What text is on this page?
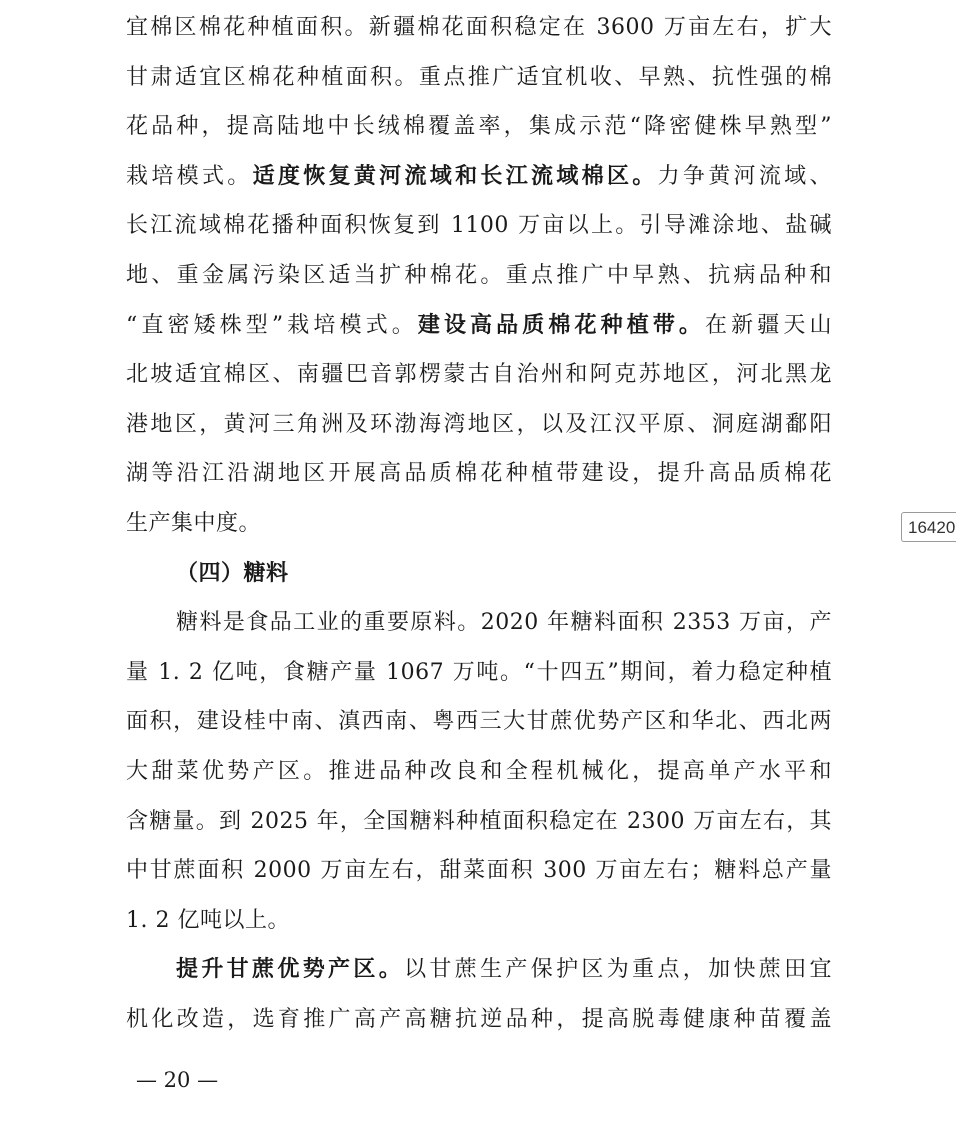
宜棉区棉花种植面积。新疆棉花面积稳定在 3600 万亩左右，扩大
甘肃适宜区棉花种植面积。重点推广适宜机收、早熟、抗性强的棉
花品种，提高陆地中长绒棉覆盖率，集成示范“降密健株早熟型”
栽培模式。适度恢复黄河流域和长江流域棉区。力争黄河流域、
长江流域棉花播种面积恢复到 1100 万亩以上。引导滩涂地、盐碱
地、重金属污染区适当扩种棉花。重点推广中早熟、抗病品种和
“直密矮株型”栽培模式。建设高品质棉花种植带。在新疆天山
北坡适宜棉区、南疆巴音郭楞蒙古自治州和阿克苏地区，河北黑龙
港地区，黄河三角洲及环渤海湾地区，以及江汉平原、洞庭湖鄱阳
湖等沿江沿湖地区开展高品质棉花种植带建设，提升高品质棉花
生产集中度。
（四）糖料
糖料是食品工业的重要原料。2020 年糖料面积 2353 万亩，产
量 1. 2 亿吨，食糖产量 1067 万吨。“十四五”期间，着力稳定种植
面积，建设桂中南、滇西南、粤西三大甘蔗优势产区和华北、西北两
大甜菜优势产区。推进品种改良和全程机械化，提高单产水平和
含糖量。到 2025 年，全国糖料种植面积稳定在 2300 万亩左右，其
中甘蔗面积 2000 万亩左右，甜菜面积 300 万亩左右；糖料总产量
1. 2 亿吨以上。
提升甘蔗优势产区。以甘蔗生产保护区为重点，加快蔗田宜
机化改造，选育推广高产高糖抗逆品种，提高脱毒健康种苗覆盖
— 20 —
16420
